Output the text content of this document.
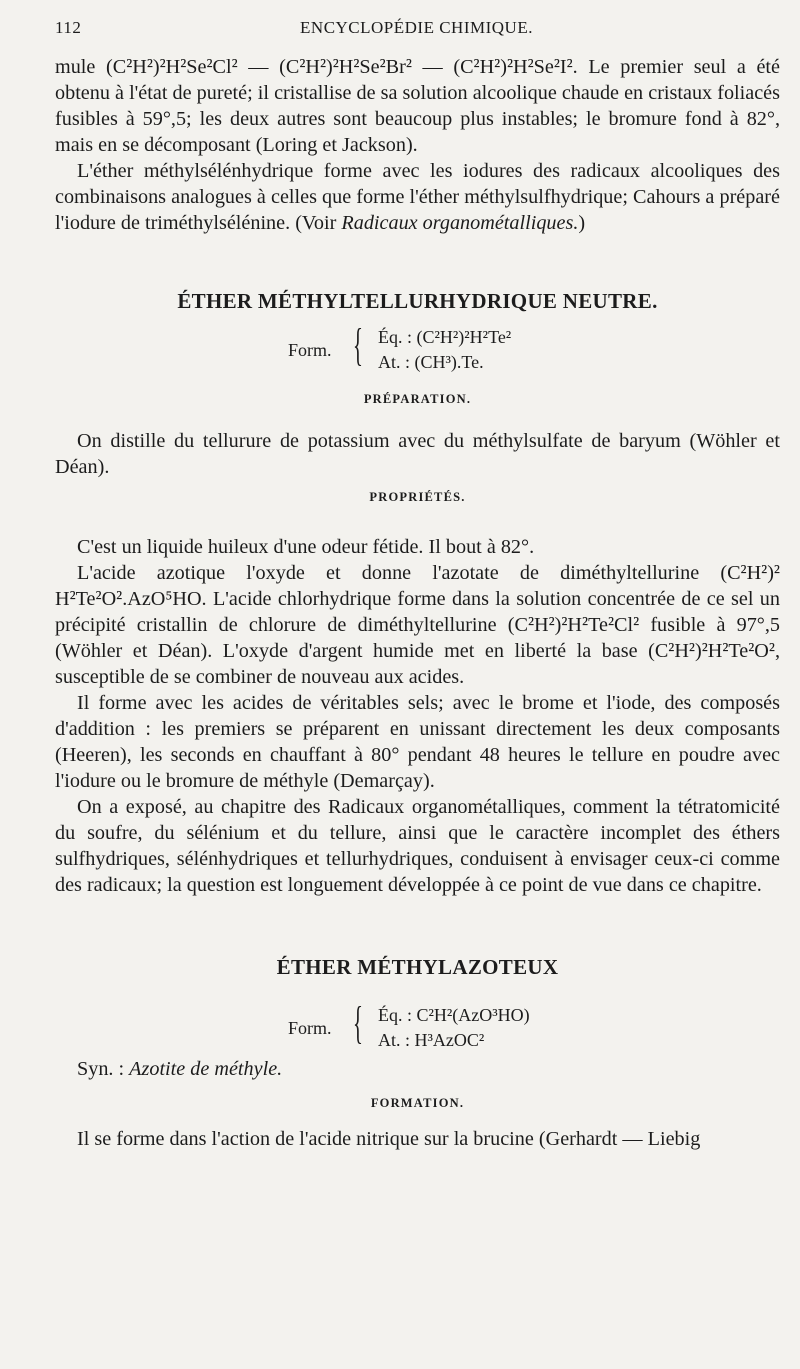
112	ENCYCLOPÉDIE CHIMIQUE.

mule (C²H²)²H²Se²Cl² — (C²H²)²H²Se²Br² — (C²H²)²H²Se²I². Le premier seul a été obtenu à l'état de pureté; il cristallise de sa solution alcoolique chaude en cristaux foliacés fusibles à 59°,5; les deux autres sont beaucoup plus instables; le bromure fond à 82°, mais en se décomposant (Loring et Jackson).

L'éther méthylsélénhydrique forme avec les iodures des radicaux alcooliques des combinaisons analogues à celles que forme l'éther méthylsulfhydrique; Cahours a préparé l'iodure de triméthylsélénine. (Voir Radicaux organométalliques.)

ÉTHER MÉTHYLTELLURHYDRIQUE NEUTRE.
Form. { Éq. : (C²H²)²H²Te²
At. : (CH³).Te.
PRÉPARATION.

On distille du tellurure de potassium avec du méthylsulfate de baryum (Wöhler et Déan).

PROPRIÉTÉS.

C'est un liquide huileux d'une odeur fétide. Il bout à 82°.

L'acide azotique l'oxyde et donne l'azotate de diméthyltellurine (C²H²)² H²Te²O².AzO⁵HO. L'acide chlorhydrique forme dans la solution concentrée de ce sel un précipité cristallin de chlorure de diméthyltellurine (C²H²)²H²Te²Cl² fusible à 97°,5 (Wöhler et Déan). L'oxyde d'argent humide met en liberté la base (C²H²)²H²Te²O², susceptible de se combiner de nouveau aux acides.

Il forme avec les acides de véritables sels; avec le brome et l'iode, des composés d'addition : les premiers se préparent en unissant directement les deux composants (Heeren), les seconds en chauffant à 80° pendant 48 heures le tellure en poudre avec l'iodure ou le bromure de méthyle (Demarçay).

On a exposé, au chapitre des Radicaux organométalliques, comment la tétratomicité du soufre, du sélénium et du tellure, ainsi que le caractère incomplet des éthers sulfhydriques, sélénhydriques et tellurhydriques, conduisent à envisager ceux-ci comme des radicaux; la question est longuement développée à ce point de vue dans ce chapitre.

ÉTHER MÉTHYLAZOTEUX
Form. { Éq. : C²H²(AzO³HO)
At. : H³AzOC²

Syn. : Azotite de méthyle.

FORMATION.

Il se forme dans l'action de l'acide nitrique sur la brucine (Gerhardt — Liebig
